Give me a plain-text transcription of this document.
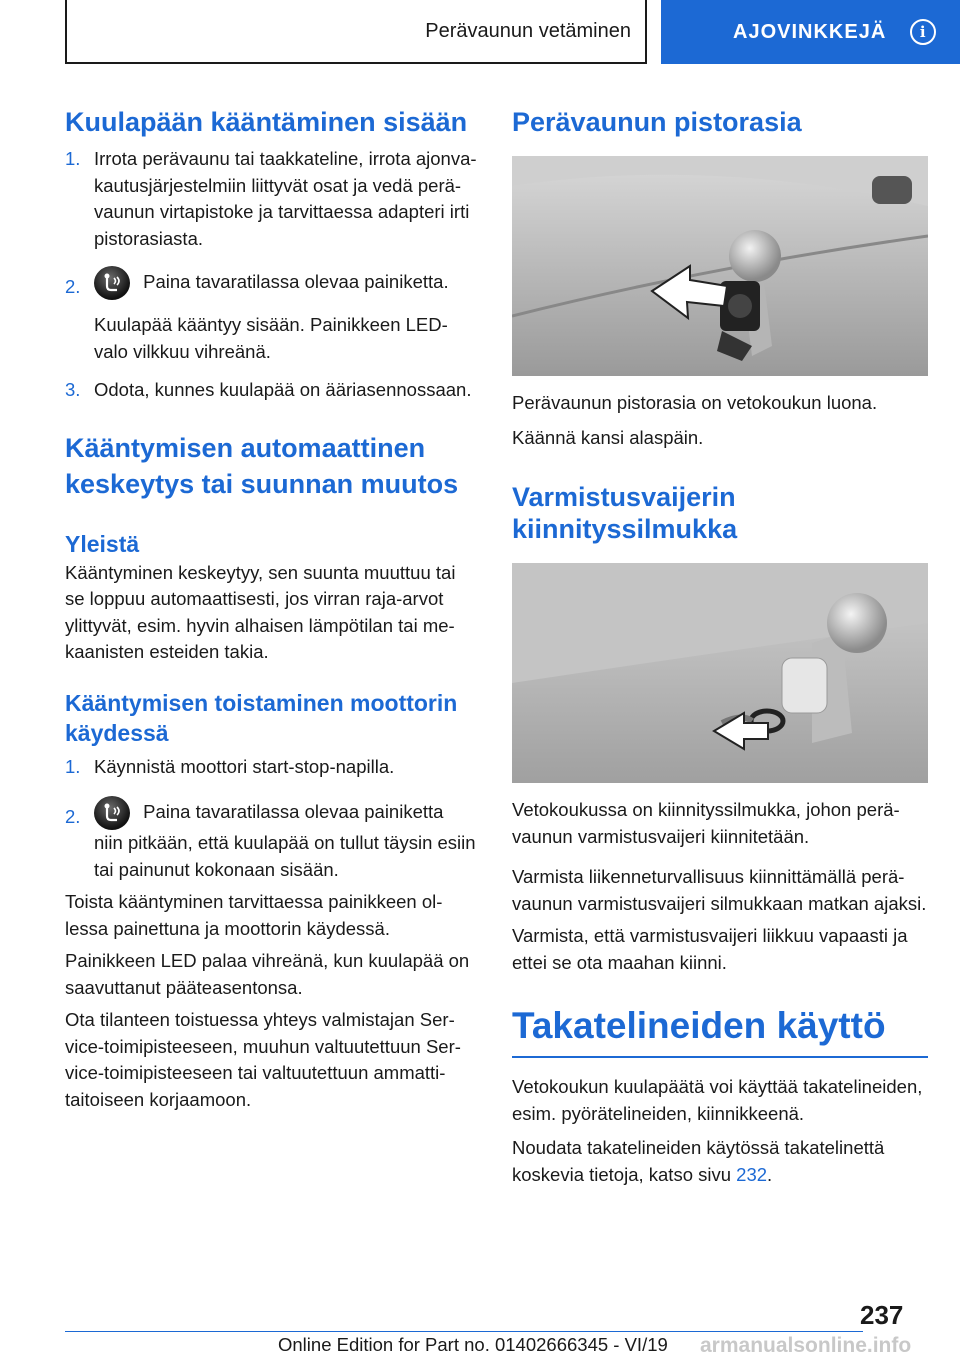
Perävaunun vetäminen	AJOVINKKEJÄ	i
Kuulapään kääntäminen sisään
1. Irrota perävaunu tai taakkateline, irrota ajonvakautusjärjestelmiin liittyvät osat ja vedä perävaunun virtapistoke ja tarvittaessa adapteri irti pistorasiasta.
2.	Paina tavaratilassa olevaa painiketta.
Kuulapää kääntyy sisään. Painikkeen LED-valo vilkkuu vihreänä.
3. Odota, kunnes kuulapää on ääriasennossaan.
Kääntymisen automaattinen keskeytys tai suunnan muutos
Yleistä

Kääntyminen keskeytyy, sen suunta muuttuu tai se loppuu automaattisesti, jos virran raja-arvot ylittyvät, esim. hyvin alhaisen lämpötilan tai mekaanisten esteiden takia.

Kääntymisen toistaminen moottorin käydessä
1. Käynnistä moottori start-stop-napilla.
2.	Paina tavaratilassa olevaa painiketta niin pitkään, että kuulapää on tullut täysin esiin tai painunut kokonaan sisään.

Toista kääntyminen tarvittaessa painikkeen ollessa painettuna ja moottorin käydessä.

Painikkeen LED palaa vihreänä, kun kuulapää on saavuttanut pääteasentonsa.

Ota tilanteen toistuessa yhteys valmistajan Service-toimipisteeseen, muuhun valtuutettuun Service-toimipisteeseen tai valtuutettuun ammattitaitoiseen korjaamoon.

Perävaunun pistorasia

Perävaunun pistorasia on vetokoukun luona.

Käännä kansi alaspäin.

Varmistusvaijerin kiinnityssilmukka

Vetokoukussa on kiinnityssilmukka, johon perävaunun varmistusvaijeri kiinnitetään.

Varmista liikenneturvallisuus kiinnittämällä perävaunun varmistusvaijeri silmukkaan matkan ajaksi.

Varmista, että varmistusvaijeri liikkuu vapaasti ja ettei se ota maahan kiinni.

Takatelineiden käyttö

Vetokoukun kuulapäätä voi käyttää takatelineiden, esim. pyörätelineiden, kiinnikkeenä.

Noudata takatelineiden käytössä takatelinettä koskevia tietoja, katso sivu 232.

237
Online Edition for Part no. 01402666345 - VI/19 armanualsonline.info
